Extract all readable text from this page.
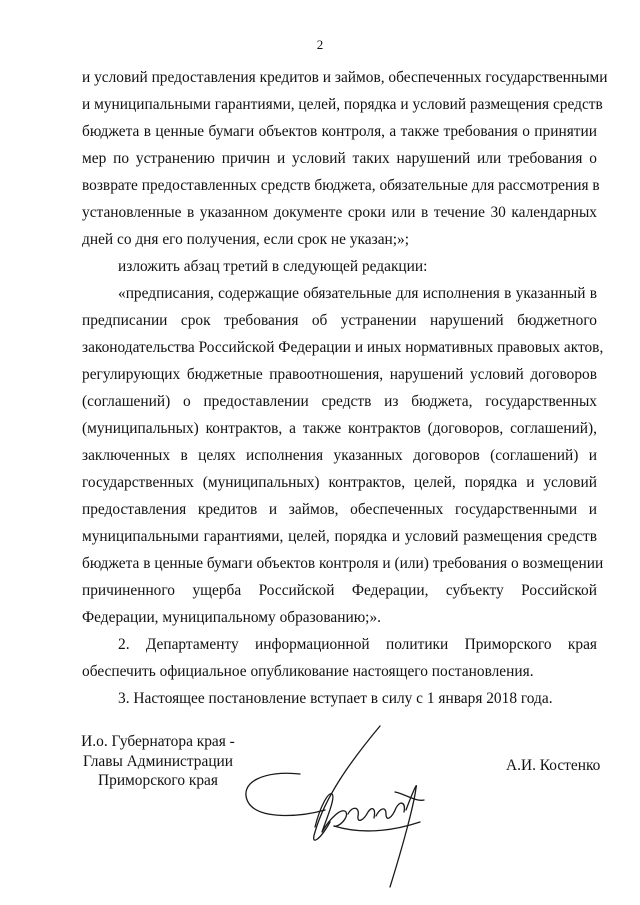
2
и условий предоставления кредитов и займов, обеспеченных государственными
и муниципальными гарантиями, целей, порядка и условий размещения средств
бюджета в ценные бумаги объектов контроля, а также требования о принятии
мер по устранению причин и условий таких нарушений или требования о
возврате предоставленных средств бюджета, обязательные для рассмотрения в
установленные в указанном документе сроки или в течение 30 календарных
дней со дня его получения, если срок не указан;»;
изложить абзац третий в следующей редакции:
«предписания, содержащие обязательные для исполнения в указанный в
предписании срок требования об устранении нарушений бюджетного
законодательства Российской Федерации и иных нормативных правовых актов,
регулирующих бюджетные правоотношения, нарушений условий договоров
(соглашений) о предоставлении средств из бюджета, государственных
(муниципальных) контрактов, а также контрактов (договоров, соглашений),
заключенных в целях исполнения указанных договоров (соглашений) и
государственных (муниципальных) контрактов, целей, порядка и условий
предоставления кредитов и займов, обеспеченных государственными и
муниципальными гарантиями, целей, порядка и условий размещения средств
бюджета в ценные бумаги объектов контроля и (или) требования о возмещении
причиненного ущерба Российской Федерации, субъекту Российской
Федерации, муниципальному образованию;».
2. Департаменту информационной политики Приморского края
обеспечить официальное опубликование настоящего постановления.
3. Настоящее постановление вступает в силу с 1 января 2018 года.
И.о. Губернатора края -
Главы Администрации
Приморского края
А.И. Костенко
